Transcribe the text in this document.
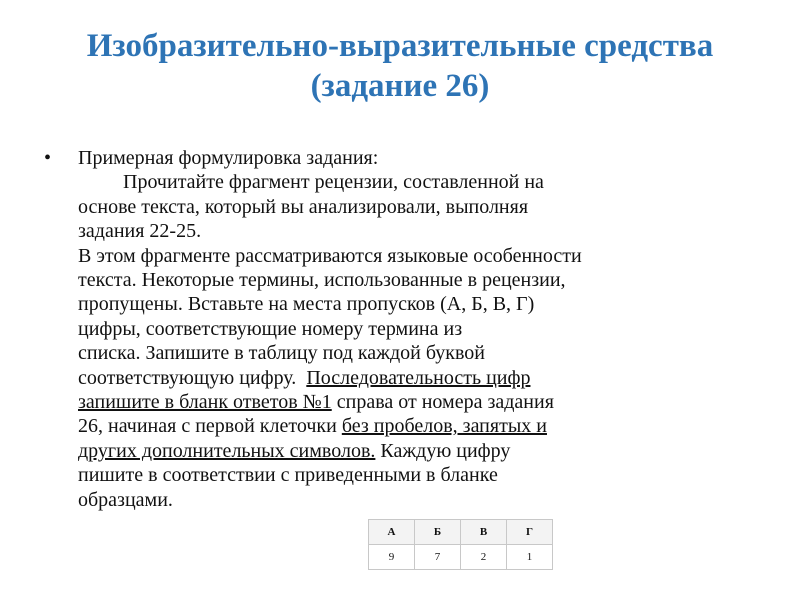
Изобразительно-выразительные средства
(задание 26)
• Примерная формулировка задания:
Прочитайте фрагмент рецензии, составленной на
основе текста, который вы анализировали, выполняя
задания 22-25.
В этом фрагменте рассматриваются языковые особенности
текста. Некоторые термины, использованные в рецензии,
пропущены. Вставьте на места пропусков (А, Б, В, Г)
цифры, соответствующие номеру термина из
списка. Запишите в таблицу под каждой буквой
соответствующую цифру. Последовательность цифр
запишите в бланк ответов №1 справа от номера задания
26, начиная с первой клеточки без пробелов, запятых и
других дополнительных символов. Каждую цифру
пишите в соответствии с приведенными в бланке
образцами.
А	Б	В	Г
9	7	2	1
